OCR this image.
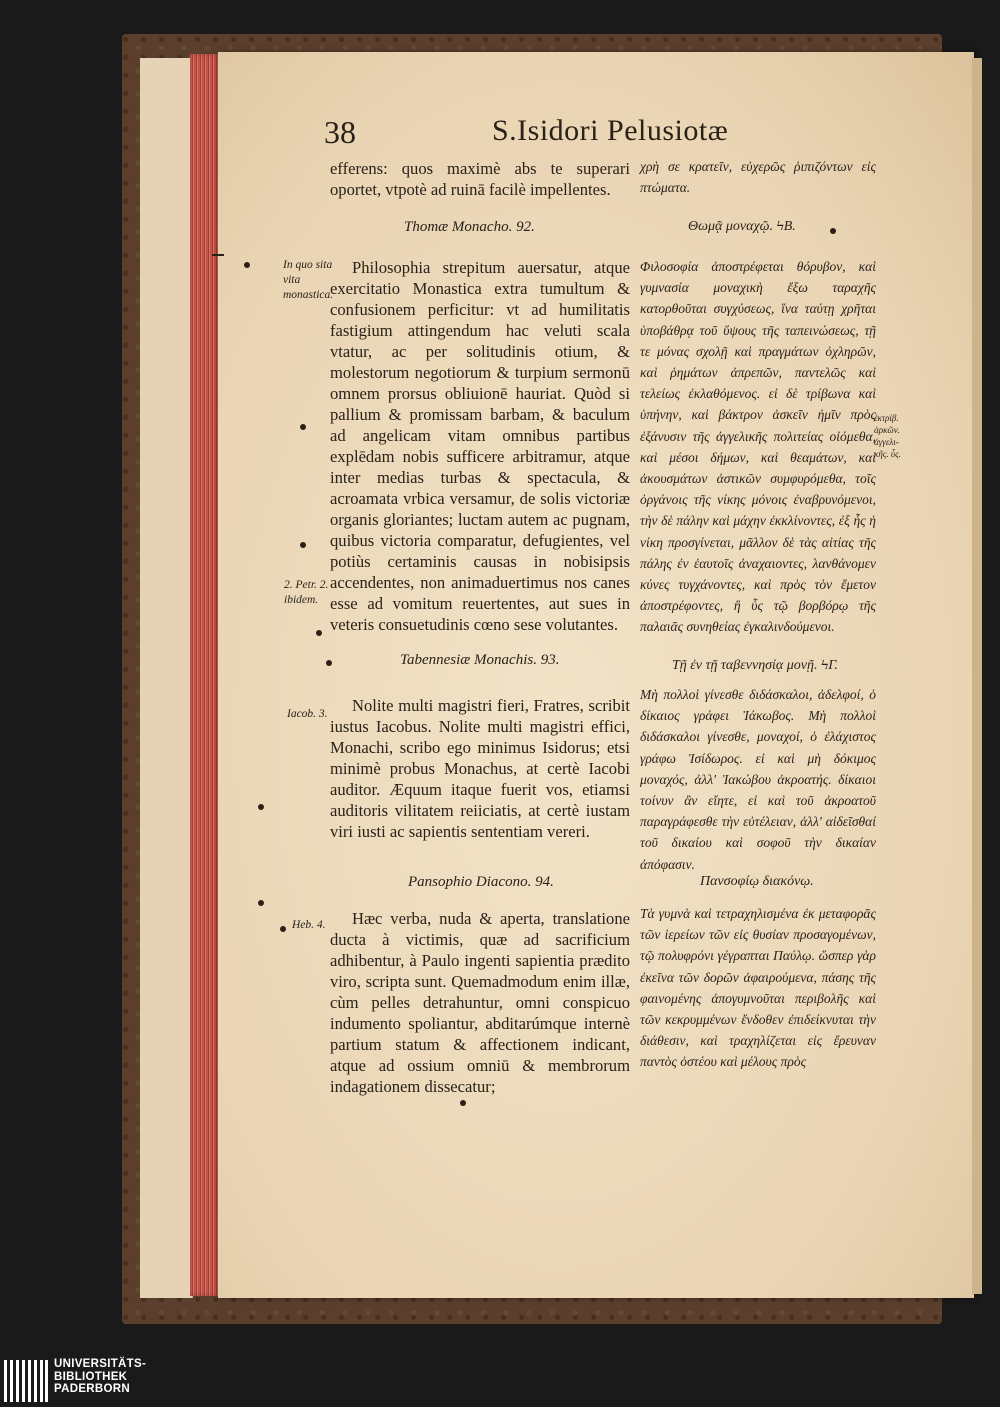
38	S.Isidori Pelusiotæ

efferens: quos maximè abs te superari oportet, vtpotè ad ruinā facilè impellentes.

χρὴ σε κρατεῖν, εὐχερῶς ῥιπιζόντων εἰς πτώματα.

Thomæ Monacho. 92.	Θωμᾷ μοναχῷ. ϞΒ.
In quo sita vita monastica.
2. Petr. 2. ibidem.

Philosophia strepitum auersatur, atque exercitatio Monastica extra tumultum & confusionem perficitur: vt ad humilitatis fastigium attingendum hac veluti scala vtatur, ac per solitudinis otium, & molestorum negotiorum & turpium sermonū omnem prorsus obliuionē hauriat. Quòd si pallium & promissam barbam, & baculum ad angelicam vitam omnibus partibus explēdam nobis sufficere arbitramur, atque inter medias turbas & spectacula, & acroamata vrbica versamur, de solis victoriæ organis gloriantes; luctam autem ac pugnam, quibus victoria comparatur, defugientes, vel potiùs certaminis causas in nobisipsis accendentes, non animaduertimus nos canes esse ad vomitum reuertentes, aut sues in veteris consuetudinis cœno sese volutantes.

Φιλοσοφία ἀποστρέφεται θόρυβον, καὶ γυμνασία μοναχικὴ ἔξω ταραχῆς κατορθοῦται συγχύσεως, ἵνα ταύτῃ χρῆται ὑποβάθρᾳ τοῦ ὕψους τῆς ταπεινώσεως, τῇ τε μόνας σχολῇ καὶ πραγμάτων ὀχληρῶν, καὶ ῥημάτων ἀπρεπῶν, παντελῶς καὶ τελείως ἐκλαθόμενος. εἰ δὲ τρίβωνα καὶ ὑπήνην, καὶ βάκτρον ἀσκεῖν ἡμῖν πρὸς ἐξάνυσιν τῆς ἀγγελικῆς πολιτείας οἰόμεθα, καὶ μέσοι δήμων, καὶ θεαμάτων, καὶ ἀκουσμάτων ἀστικῶν συμφυρόμεθα, τοῖς ὀργάνοις τῆς νίκης μόνοις ἐναβρυνόμενοι, τὴν δὲ πάλην καὶ μάχην ἐκκλίνοντες, ἐξ ἧς ἡ νίκη προσγίνεται, μᾶλλον δὲ τὰς αἰτίας τῆς πάλης ἐν ἑαυτοῖς ἀναχαιοντες, λανθάνομεν κύνες τυγχάνοντες, καὶ πρὸς τὸν ἔμετον ἀποστρέφοντες, ἢ ὗς τῷ βορβόρῳ τῆς παλαιᾶς συνηθείας ἐγκαλινδούμενοι.

ἐκτρίβ. ἀρκῶν. ἀγγελι- κῆς. ὗς.
Tabennesiæ Monachis. 93.	Τῇ ἐν τῇ ταβεννησίᾳ μονῇ. ϞΓ.
Iacob. 3.	Nolite multi magistri fieri, Fratres, scribit iustus Iacobus. Nolite multi magistri effici, Monachi, scribo ego minimus Isidorus; etsi minimè probus Monachus, at certè Iacobi auditor. Æquum itaque fuerit vos, etiamsi auditoris vilitatem reiiciatis, at certè iustam viri iusti ac sapientis sententiam vereri.

Μὴ πολλοὶ γίνεσθε διδάσκαλοι, ἀδελφοί, ὁ δίκαιος γράφει Ἰάκωβος. Μὴ πολλοὶ διδάσκαλοι γίνεσθε, μοναχοί, ὁ ἐλάχιστος γράφω Ἰσίδωρος. εἰ καὶ μὴ δόκιμος μοναχός, ἀλλ' Ἰακώβου ἀκροατής. δίκαιοι τοίνυν ἂν εἴητε, εἰ καὶ τοῦ ἀκροατοῦ παραγράφεσθε τὴν εὐτέλειαν, ἀλλ' αἰδεῖσθαί τοῦ δικαίου καὶ σοφοῦ τὴν δικαίαν ἀπόφασιν.

Pansophio Diacono. 94.	Πανσοφίῳ διακόνῳ.
Heb. 4.	Hæc verba, nuda & aperta, translatione ducta à victimis, quæ ad sacrificium adhibentur, à Paulo ingenti sapientia prædito viro, scripta sunt. Quemadmodum enim illæ, cùm pelles detrahuntur, omni conspicuo indumento spoliantur, abditarúmque internè partium statum & affectionem indicant, atque ad ossium omniū & membrorum indagationem dissecatur;

Τὰ γυμνὰ καὶ τετραχηλισμένα ἐκ μεταφορᾶς τῶν ἱερείων τῶν εἰς θυσίαν προσαγομένων, τῷ πολυφρόνι γέγραπται Παύλῳ. ὥσπερ γὰρ ἐκεῖνα τῶν δορῶν ἀφαιρούμενα, πάσης τῆς φαινομένης ἀπογυμνοῦται περιβολῆς καὶ τῶν κεκρυμμένων ἔνδοθεν ἐπιδείκνυται τὴν διάθεσιν, καὶ τραχηλίζεται εἰς ἔρευναν παντὸς ὀστέου καὶ μέλους πρὸς

UNIVERSITÄTS-
BIBLIOTHEK
PADERBORN
